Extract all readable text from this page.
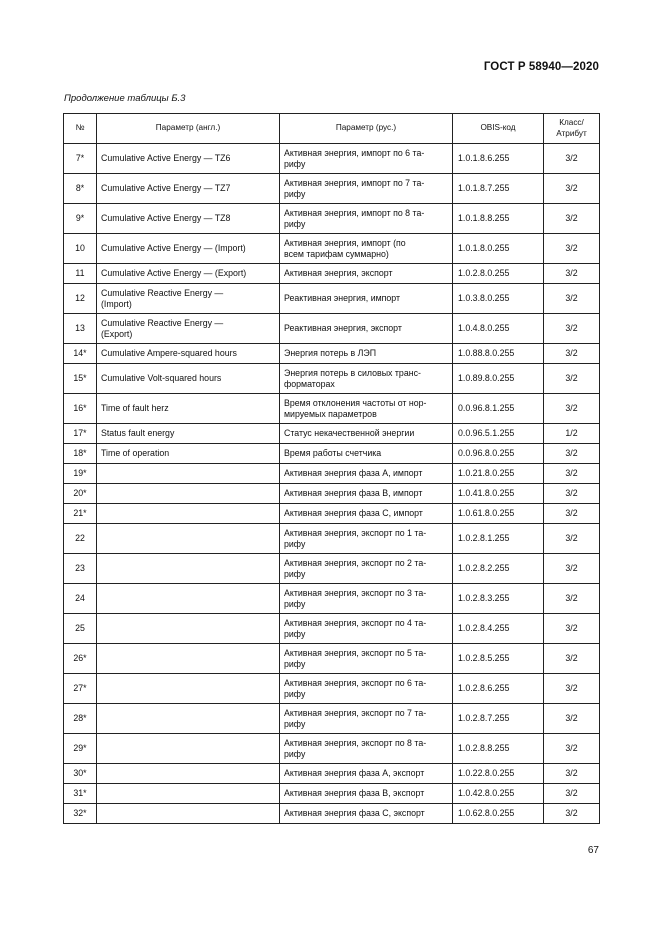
ГОСТ Р 58940—2020
Продолжение таблицы Б.3
№	Параметр (англ.)	Параметр (рус.)	OBIS-код	Класс/
Атрибут
7*	Cumulative Active Energy — TZ6	Активная энергия, импорт по 6 та-
рифу	1.0.1.8.6.255	3/2
8*	Cumulative Active Energy — TZ7	Активная энергия, импорт по 7 та-
рифу	1.0.1.8.7.255	3/2
9*	Cumulative Active Energy — TZ8	Активная энергия, импорт по 8 та-
рифу	1.0.1.8.8.255	3/2
10	Cumulative Active Energy — (Import)	Активная энергия, импорт (по
всем тарифам суммарно)	1.0.1.8.0.255	3/2
11	Cumulative Active Energy — (Export)	Активная энергия, экспорт	1.0.2.8.0.255	3/2
12	Cumulative Reactive Energy —
(Import)	Реактивная энергия, импорт	1.0.3.8.0.255	3/2
13	Cumulative Reactive Energy —
(Export)	Реактивная энергия, экспорт	1.0.4.8.0.255	3/2
14*	Cumulative Ampere-squared hours	Энергия потерь в ЛЭП	1.0.88.8.0.255	3/2
15*	Cumulative Volt-squared hours	Энергия потерь в силовых транс-
форматорах	1.0.89.8.0.255	3/2
16*	Time of fault herz	Время отклонения частоты от нор-
мируемых параметров	0.0.96.8.1.255	3/2
17*	Status fault energy	Статус некачественной энергии	0.0.96.5.1.255	1/2
18*	Time of operation	Время работы счетчика	0.0.96.8.0.255	3/2
19*		Активная энергия фаза А, импорт	1.0.21.8.0.255	3/2
20*		Активная энергия фаза В, импорт	1.0.41.8.0.255	3/2
21*		Активная энергия фаза С, импорт	1.0.61.8.0.255	3/2
22		Активная энергия, экспорт по 1 та-
рифу	1.0.2.8.1.255	3/2
23		Активная энергия, экспорт по 2 та-
рифу	1.0.2.8.2.255	3/2
24		Активная энергия, экспорт по 3 та-
рифу	1.0.2.8.3.255	3/2
25		Активная энергия, экспорт по 4 та-
рифу	1.0.2.8.4.255	3/2
26*		Активная энергия, экспорт по 5 та-
рифу	1.0.2.8.5.255	3/2
27*		Активная энергия, экспорт по 6 та-
рифу	1.0.2.8.6.255	3/2
28*		Активная энергия, экспорт по 7 та-
рифу	1.0.2.8.7.255	3/2
29*		Активная энергия, экспорт по 8 та-
рифу	1.0.2.8.8.255	3/2
30*		Активная энергия фаза А, экспорт	1.0.22.8.0.255	3/2
31*		Активная энергия фаза В, экспорт	1.0.42.8.0.255	3/2
32*		Активная энергия фаза С, экспорт	1.0.62.8.0.255	3/2
67
